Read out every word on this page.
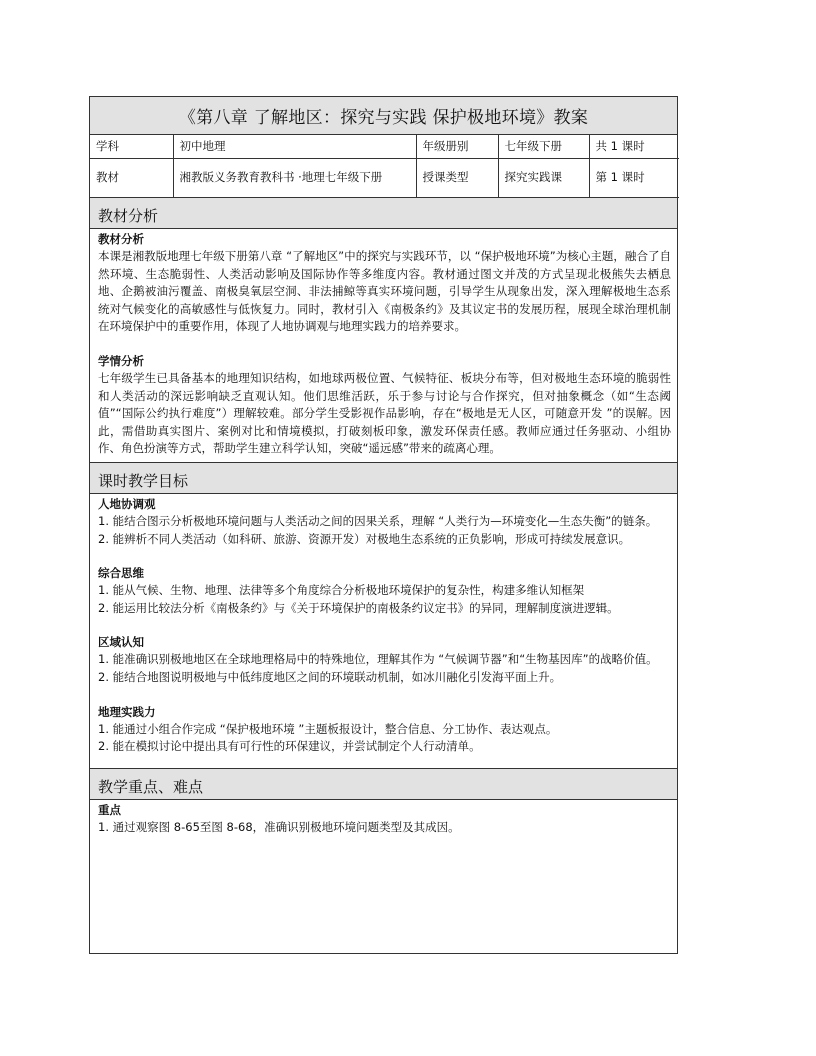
《第八章 了解地区：探究与实践 保护极地环境》教案
学科	初中地理	年级册别	七年级下册	共 1 课时
教材	湘教版义务教育教科书 ·地理七年级下册	授课类型	探究实践课	第 1 课时
教材分析

教材分析

本课是湘教版地理七年级下册第八章 “了解地区”中的探究与实践环节，以 “保护极地环境”为核心主题，融合了自然环境、生态脆弱性、人类活动影响及国际协作等多维度内容。教材通过图文并茂的方式呈现北极熊失去栖息地、企鹅被油污覆盖、南极臭氧层空洞、非法捕鲸等真实环境问题，引导学生从现象出发，深入理解极地生态系统对气候变化的高敏感性与低恢复力。同时，教材引入《南极条约》及其议定书的发展历程，展现全球治理机制在环境保护中的重要作用，体现了人地协调观与地理实践力的培养要求。

学情分析

七年级学生已具备基本的地理知识结构，如地球两极位置、气候特征、板块分布等，但对极地生态环境的脆弱性和人类活动的深远影响缺乏直观认知。他们思维活跃，乐于参与讨论与合作探究，但对抽象概念（如“生态阈值”“国际公约执行难度”）理解较难。部分学生受影视作品影响，存在“极地是无人区，可随意开发 ”的误解。因此，需借助真实图片、案例对比和情境模拟，打破刻板印象，激发环保责任感。教师应通过任务驱动、小组协作、角色扮演等方式，帮助学生建立科学认知，突破“遥远感”带来的疏离心理。

课时教学目标

人地协调观

1. 能结合图示分析极地环境问题与人类活动之间的因果关系，理解 “人类行为—环境变化—生态失衡”的链条。

2. 能辨析不同人类活动（如科研、旅游、资源开发）对极地生态系统的正负影响，形成可持续发展意识。

综合思维

1. 能从气候、生物、地理、法律等多个角度综合分析极地环境保护的复杂性，构建多维认知框架

2. 能运用比较法分析《南极条约》与《关于环境保护的南极条约议定书》的异同，理解制度演进逻辑。

区域认知

1. 能准确识别极地地区在全球地理格局中的特殊地位，理解其作为 “气候调节器”和“生物基因库”的战略价值。

2. 能结合地图说明极地与中低纬度地区之间的环境联动机制，如冰川融化引发海平面上升。

地理实践力

1. 能通过小组合作完成 “保护极地环境 ”主题板报设计，整合信息、分工协作、表达观点。

2. 能在模拟讨论中提出具有可行性的环保建议，并尝试制定个人行动清单。

教学重点、难点

重点

1. 通过观察图 8-65至图 8-68，准确识别极地环境问题类型及其成因。
